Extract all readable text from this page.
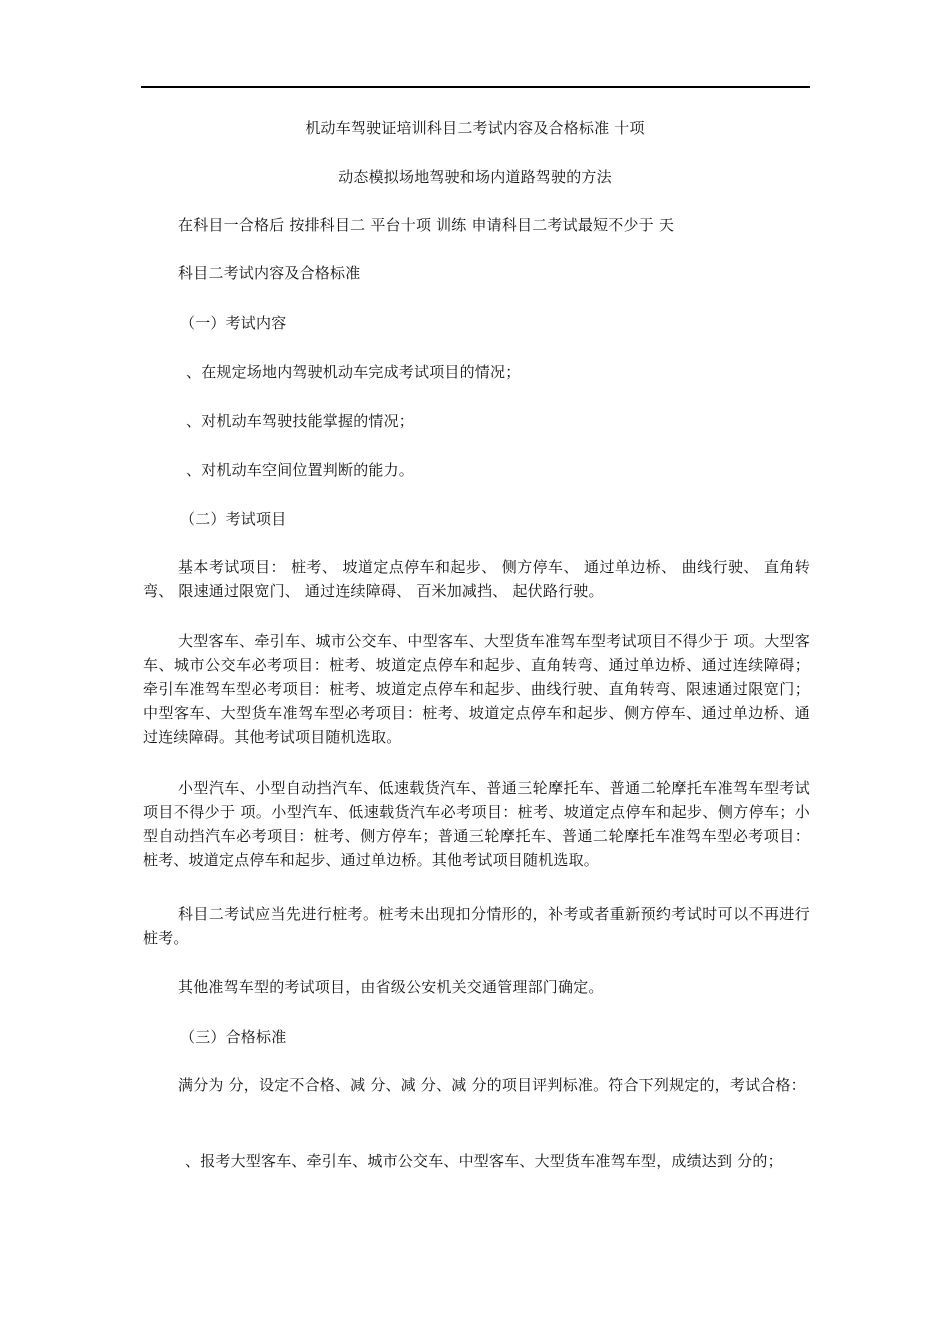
机动车驾驶证培训科目二考试内容及合格标准 十项
动态模拟场地驾驶和场内道路驾驶的方法
在科目一合格后 按排科目二 平台十项 训练 申请科目二考试最短不少于 天
科目二考试内容及合格标准
（一）考试内容
、在规定场地内驾驶机动车完成考试项目的情况；
、对机动车驾驶技能掌握的情况；
、对机动车空间位置判断的能力。
（二）考试项目
基本考试项目： 桩考、 坡道定点停车和起步、 侧方停车、 通过单边桥、 曲线行驶、 直角转弯、 限速通过限宽门、 通过连续障碍、 百米加减挡、 起伏路行驶。
大型客车、牵引车、城市公交车、中型客车、大型货车准驾车型考试项目不得少于 项。大型客车、城市公交车必考项目：桩考、坡道定点停车和起步、直角转弯、通过单边桥、通过连续障碍；牵引车准驾车型必考项目：桩考、坡道定点停车和起步、曲线行驶、直角转弯、限速通过限宽门；中型客车、大型货车准驾车型必考项目：桩考、坡道定点停车和起步、侧方停车、通过单边桥、通过连续障碍。其他考试项目随机选取。
小型汽车、小型自动挡汽车、低速载货汽车、普通三轮摩托车、普通二轮摩托车准驾车型考试项目不得少于 项。小型汽车、低速载货汽车必考项目：桩考、坡道定点停车和起步、侧方停车；小型自动挡汽车必考项目：桩考、侧方停车；普通三轮摩托车、普通二轮摩托车准驾车型必考项目：桩考、坡道定点停车和起步、通过单边桥。其他考试项目随机选取。
科目二考试应当先进行桩考。桩考未出现扣分情形的，补考或者重新预约考试时可以不再进行桩考。
其他准驾车型的考试项目，由省级公安机关交通管理部门确定。
（三）合格标准
满分为 分，设定不合格、减 分、减 分、减 分的项目评判标准。符合下列规定的，考试合格：
、报考大型客车、牵引车、城市公交车、中型客车、大型货车准驾车型，成绩达到 分的；
